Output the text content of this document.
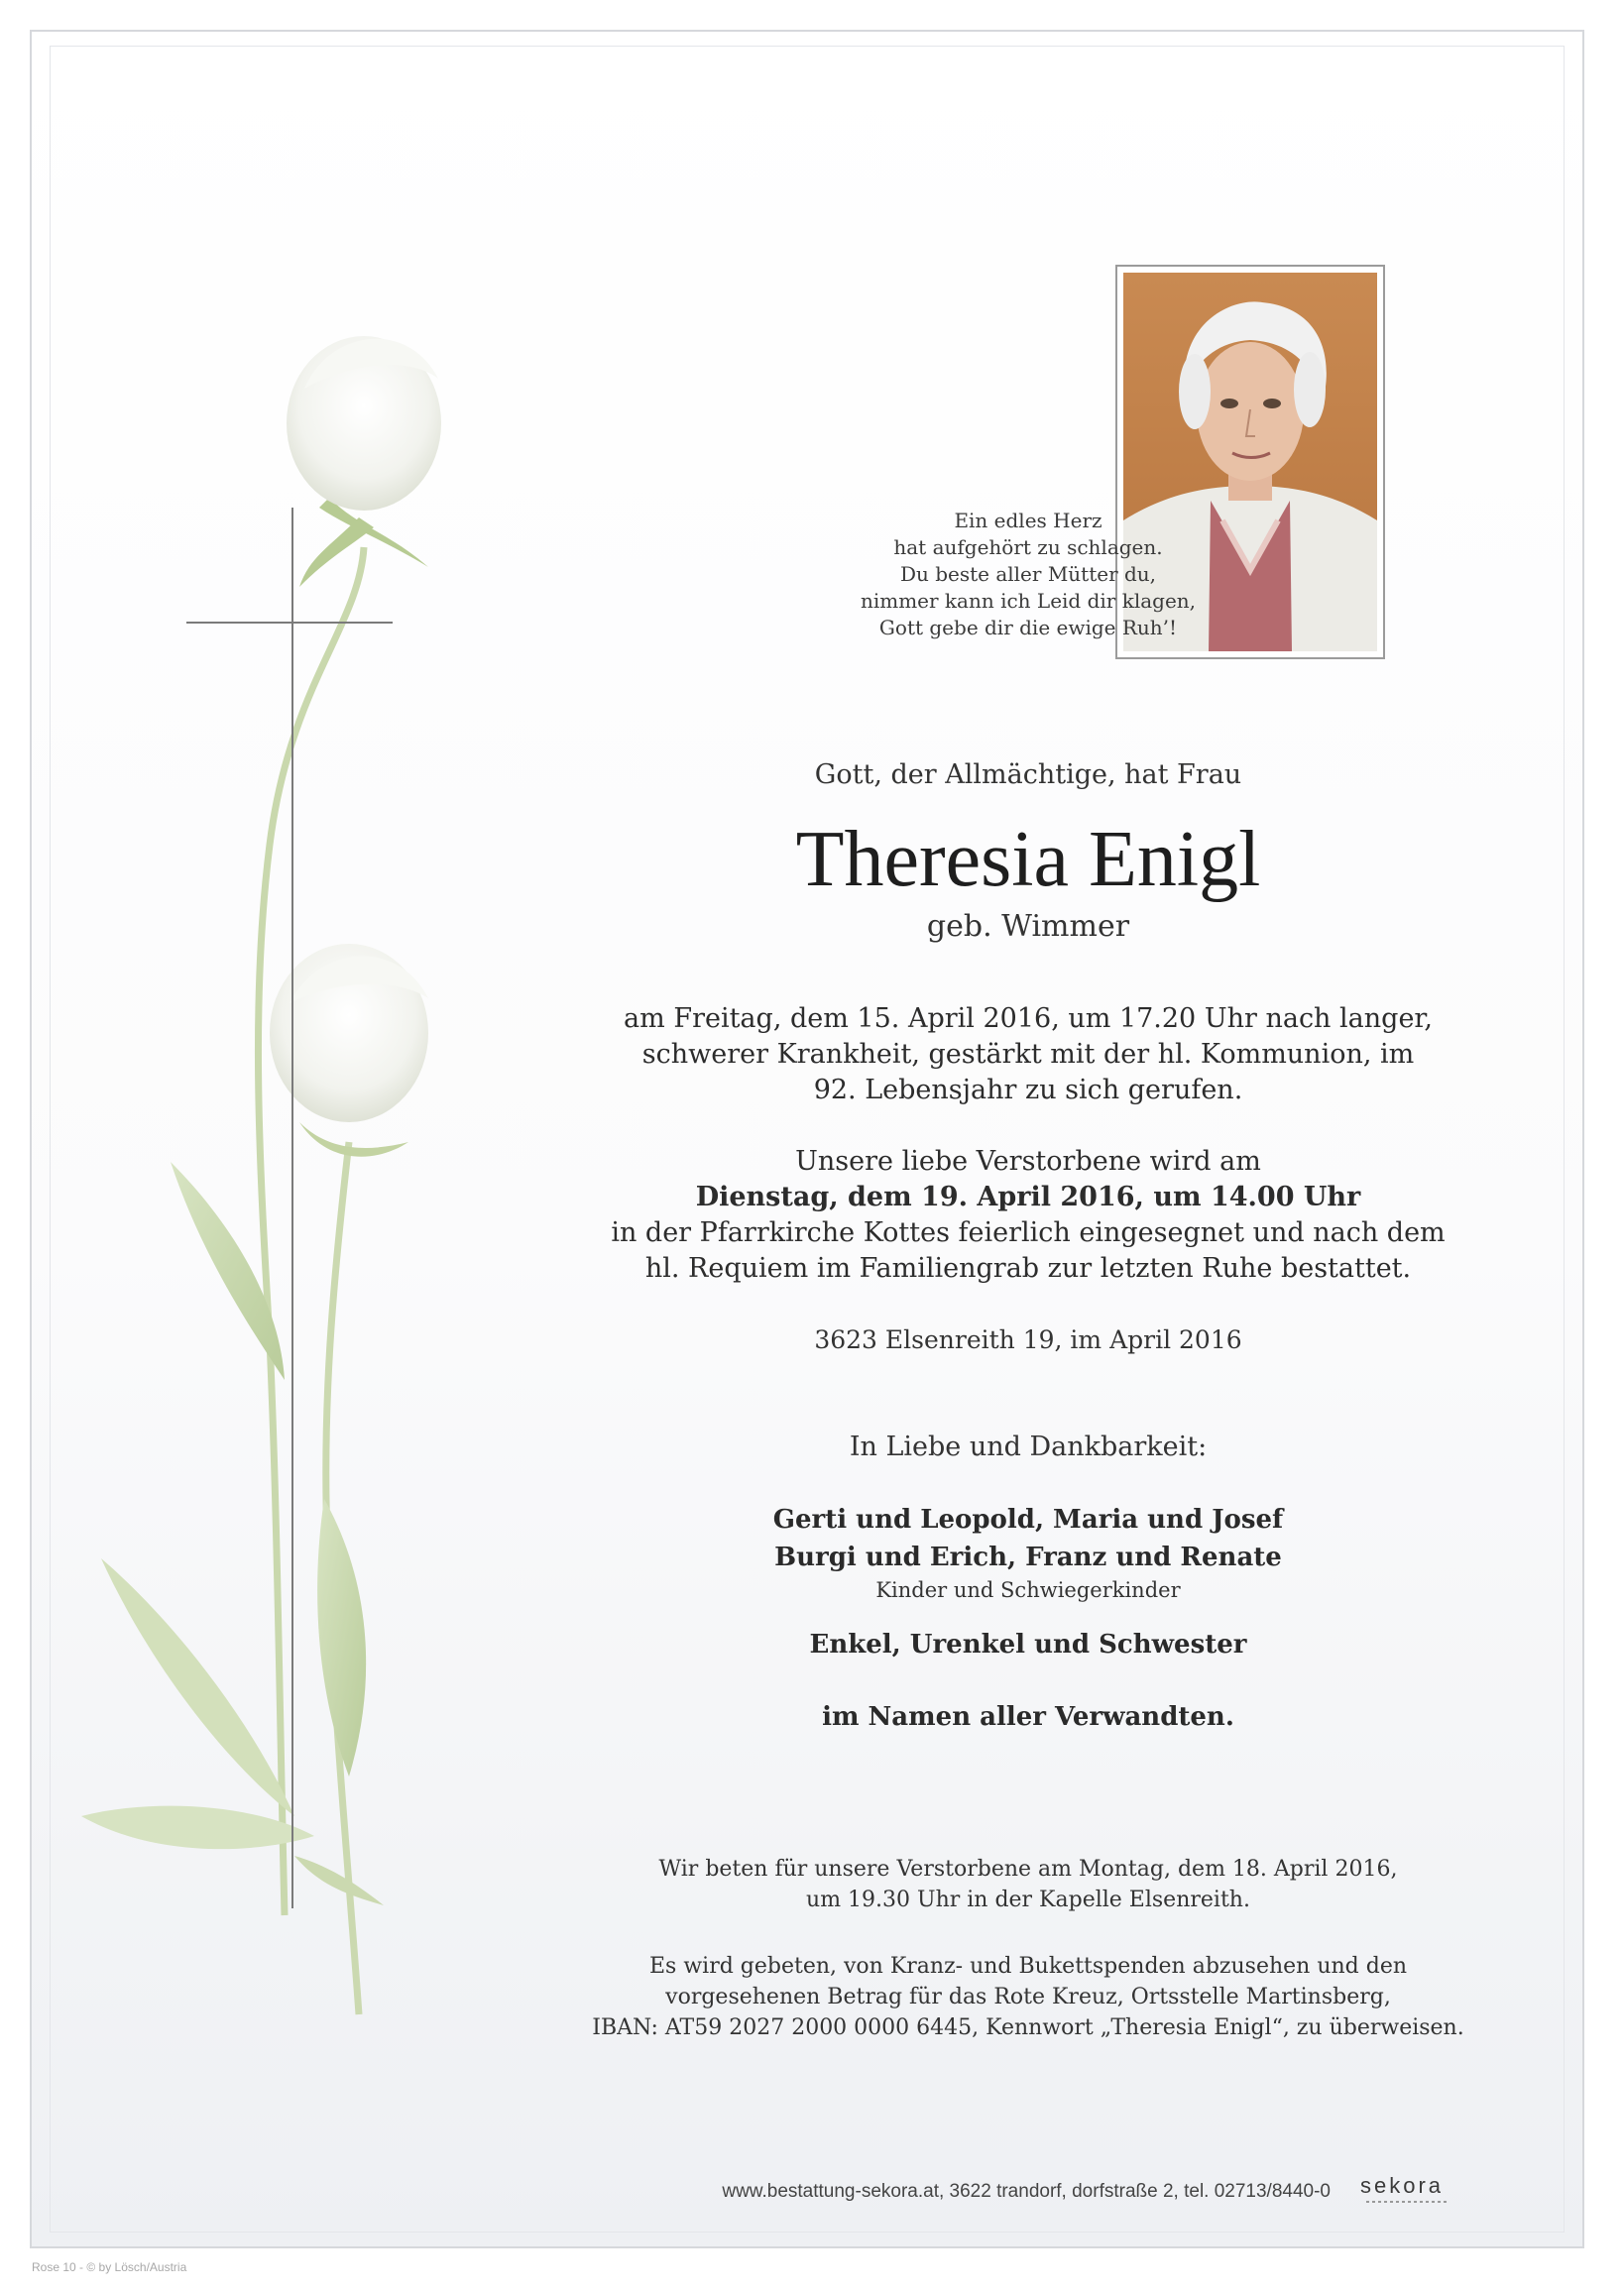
Ein edles Herz
hat aufgehört zu schlagen.
Du beste aller Mütter du,
nimmer kann ich Leid dir klagen,
Gott gebe dir die ewige Ruh’!
Gott, der Allmächtige, hat Frau
Theresia Enigl
geb. Wimmer
am Freitag, dem 15. April 2016, um 17.20 Uhr nach langer,
schwerer Krankheit, gestärkt mit der hl. Kommunion, im
92. Lebensjahr zu sich gerufen.
Unsere liebe Verstorbene wird am
Dienstag, dem 19. April 2016, um 14.00 Uhr
in der Pfarrkirche Kottes feierlich eingesegnet und nach dem
hl. Requiem im Familiengrab zur letzten Ruhe bestattet.
3623 Elsenreith 19, im April 2016
In Liebe und Dankbarkeit:
Gerti und Leopold, Maria und Josef
Burgi und Erich, Franz und Renate
Kinder und Schwiegerkinder
Enkel, Urenkel und Schwester
im Namen aller Verwandten.
Wir beten für unsere Verstorbene am Montag, dem 18. April 2016,
um 19.30 Uhr in der Kapelle Elsenreith.
Es wird gebeten, von Kranz- und Bukettspenden abzusehen und den
vorgesehenen Betrag für das Rote Kreuz, Ortsstelle Martinsberg,
IBAN: AT59 2027 2000 0000 6445, Kennwort „Theresia Enigl“, zu überweisen.
www.bestattung-sekora.at, 3622 trandorf, dorfstraße 2, tel. 02713/8440-0 sekora
Rose 10 - © by Lösch/Austria
